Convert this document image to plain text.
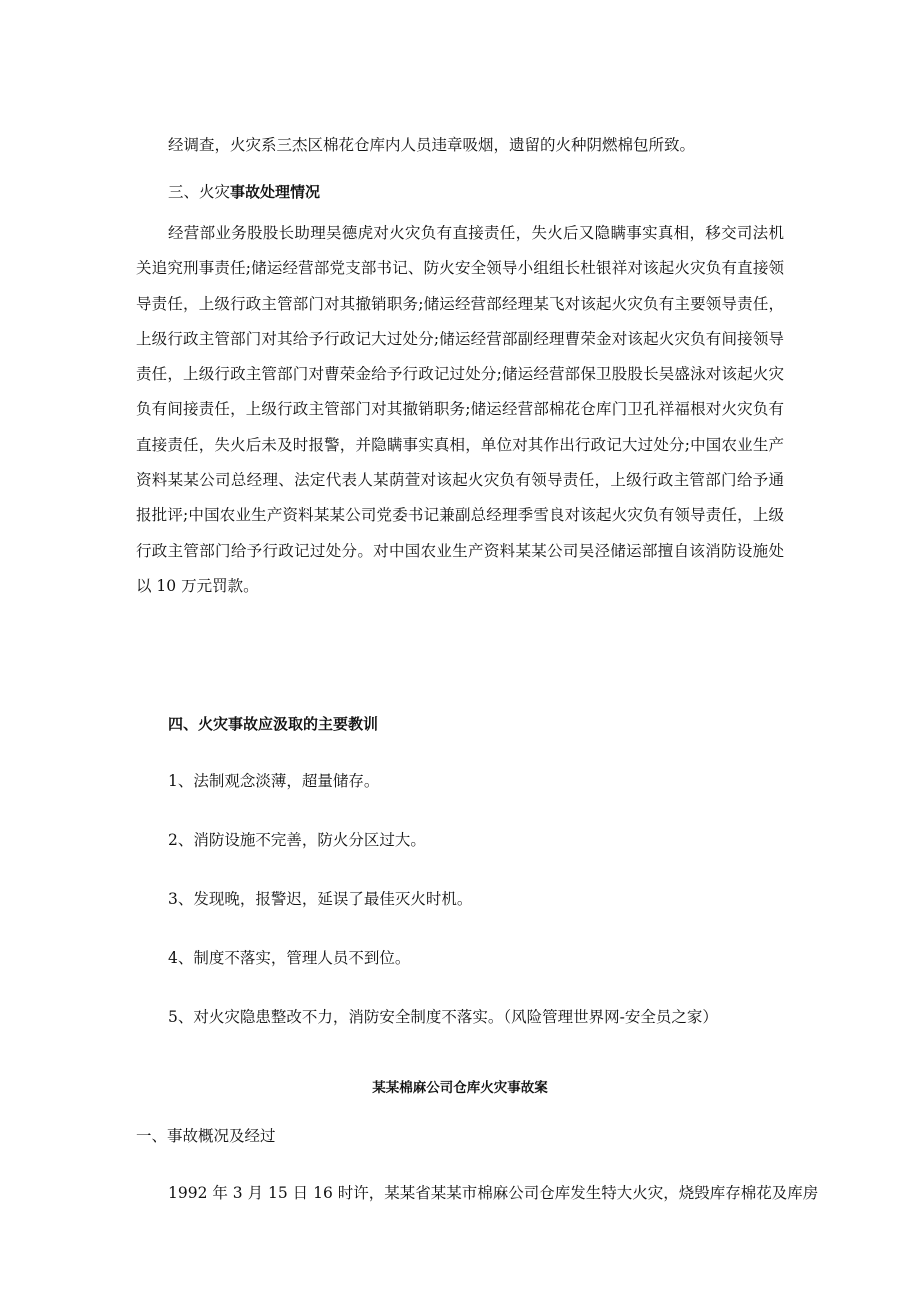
经调查，火灾系三杰区棉花仓库内人员违章吸烟，遗留的火种阴燃棉包所致。

三、火灾事故处理情况

经营部业务股股长助理吴德虎对火灾负有直接责任，失火后又隐瞒事实真相，移交司法机关追究刑事责任;储运经营部党支部书记、防火安全领导小组组长杜银祥对该起火灾负有直接领导责任，上级行政主管部门对其撤销职务;储运经营部经理某飞对该起火灾负有主要领导责任，上级行政主管部门对其给予行政记大过处分;储运经营部副经理曹荣金对该起火灾负有间接领导责任，上级行政主管部门对曹荣金给予行政记过处分;储运经营部保卫股股长吴盛泳对该起火灾负有间接责任，上级行政主管部门对其撤销职务;储运经营部棉花仓库门卫孔祥福根对火灾负有直接责任，失火后未及时报警，并隐瞒事实真相，单位对其作出行政记大过处分;中国农业生产资料某某公司总经理、法定代表人某荫萱对该起火灾负有领导责任，上级行政主管部门给予通报批评;中国农业生产资料某某公司党委书记兼副总经理季雪良对该起火灾负有领导责任，上级行政主管部门给予行政记过处分。对中国农业生产资料某某公司吴泾储运部擅自该消防设施处以 10 万元罚款。

四、火灾事故应汲取的主要教训

1、法制观念淡薄，超量储存。

2、消防设施不完善，防火分区过大。

3、发现晚，报警迟，延误了最佳灭火时机。

4、制度不落实，管理人员不到位。

5、对火灾隐患整改不力，消防安全制度不落实。（风险管理世界网-安全员之家）

某某棉麻公司仓库火灾事故案

一、事故概况及经过

1992 年 3 月 15 日 16 时许，某某省某某市棉麻公司仓库发生特大火灾，烧毁库存棉花及库房
